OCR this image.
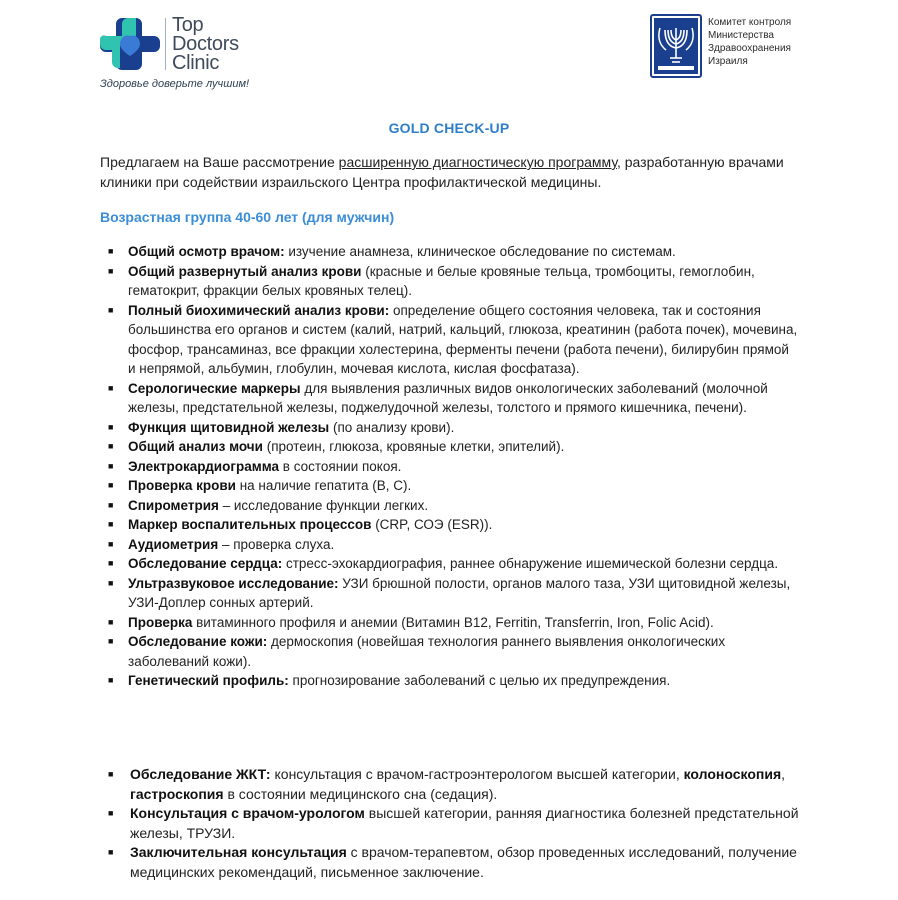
Top
Doctors
Clinic
Здоровье доверьте лучшим!
Комитет контроля
Министерства
Здравоохранения
Израиля
GOLD CHECK-UP
Предлагаем на Ваше рассмотрение расширенную диагностическую программу, разработанную врачами клиники при содействии израильского Центра профилактической медицины.
Возрастная группа 40-60 лет (для мужчин)
■ Общий осмотр врачом: изучение анамнеза, клиническое обследование по системам.
■ Общий развернутый анализ крови (красные и белые кровяные тельца, тромбоциты, гемоглобин, гематокрит, фракции белых кровяных телец).
■ Полный биохимический анализ крови: определение общего состояния человека, так и состояния большинства его органов и систем (калий, натрий, кальций, глюкоза, креатинин (работа почек), мочевина, фосфор, трансаминаз, все фракции холестерина, ферменты печени (работа печени), билирубин прямой и непрямой, альбумин, глобулин, мочевая кислота, кислая фосфатаза).
■ Серологические маркеры для выявления различных видов онкологических заболеваний (молочной железы, предстательной железы, поджелудочной железы, толстого и прямого кишечника, печени).
■ Функция щитовидной железы (по анализу крови).
■ Общий анализ мочи (протеин, глюкоза, кровяные клетки, эпителий).
■ Электрокардиограмма в состоянии покоя.
■ Проверка крови на наличие гепатита (В, С).
■ Спирометрия – исследование функции легких.
■ Маркер воспалительных процессов (CRP, СОЭ (ESR)).
■ Аудиометрия – проверка слуха.
■ Обследование сердца: стресс-эхокардиография, раннее обнаружение ишемической болезни сердца.
■ Ультразвуковое исследование: УЗИ брюшной полости, органов малого таза, УЗИ щитовидной железы, УЗИ-Доплер сонных артерий.
■ Проверка витаминного профиля и анемии (Витамин B12, Ferritin, Transferrin, Iron, Folic Acid).
■ Обследование кожи: дермоскопия (новейшая технология раннего выявления онкологических заболеваний кожи).
■ Генетический профиль: прогнозирование заболеваний с целью их предупреждения.
■ Обследование ЖКТ: консультация с врачом-гастроэнтерологом высшей категории, колоноскопия, гастроскопия в состоянии медицинского сна (седация).
■ Консультация с врачом-урологом высшей категории, ранняя диагностика болезней предстательной железы, ТРУЗИ.
■ Заключительная консультация с врачом-терапевтом, обзор проведенных исследований, получение медицинских рекомендаций, письменное заключение.
